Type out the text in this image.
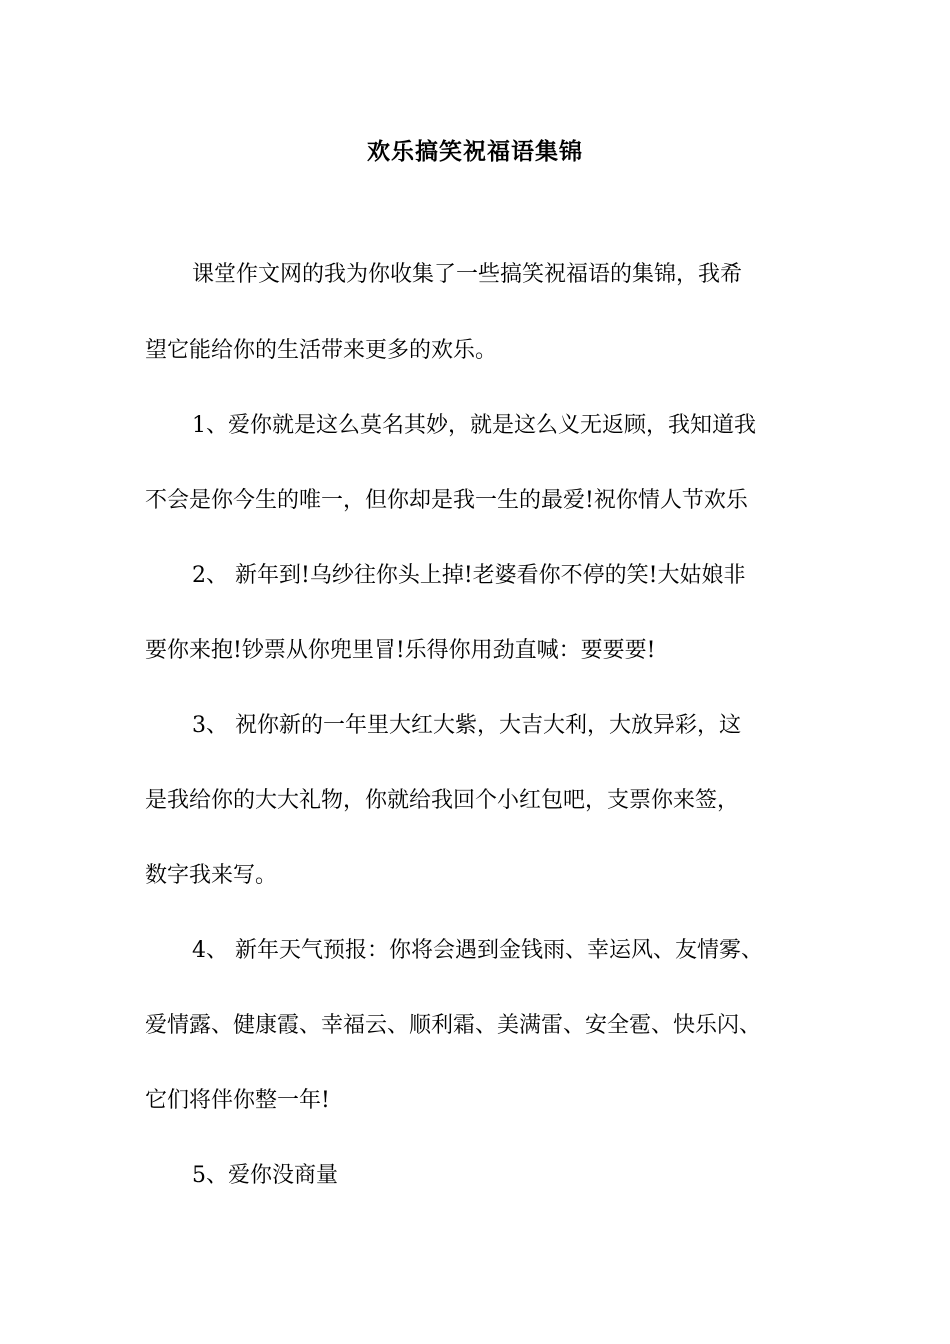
欢乐搞笑祝福语集锦
课堂作文网的我为你收集了一些搞笑祝福语的集锦，我希
望它能给你的生活带来更多的欢乐。
1、爱你就是这么莫名其妙，就是这么义无返顾，我知道我
不会是你今生的唯一，但你却是我一生的最爱!祝你情人节欢乐
2、 新年到!乌纱往你头上掉!老婆看你不停的笑!大姑娘非
要你来抱!钞票从你兜里冒!乐得你用劲直喊：要要要!
3、 祝你新的一年里大红大紫，大吉大利，大放异彩，这
是我给你的大大礼物，你就给我回个小红包吧，支票你来签，
数字我来写。
4、 新年天气预报：你将会遇到金钱雨、幸运风、友情雾、
爱情露、健康霞、幸福云、顺利霜、美满雷、安全雹、快乐闪、
它们将伴你整一年!
5、爱你没商量
